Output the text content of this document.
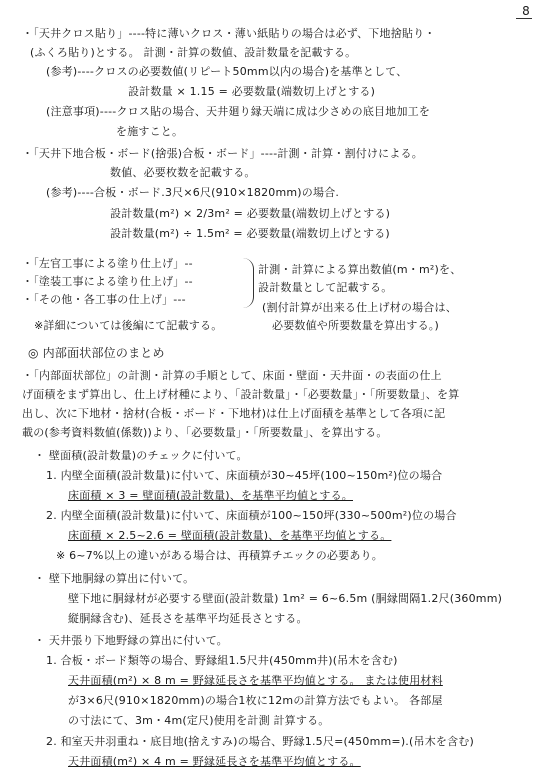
8
・「天井クロス貼り」----特に薄いクロス・薄い紙貼りの場合は必ず、下地捨貼り・
(ふくろ貼り)とする。 計測・計算の数値、設計数量を記載する。
(参考)----クロスの必要数値(リピート50mm以内の場合)を基準として、
設計数量 × 1.15 = 必要数量(端数切上げとする)
(注意事項)----クロス貼の場合、天井廻り縁天端に成は少さめの底目地加工を
を施すこと。
・「天井下地合板・ボード(捨張)合板・ボード」----計測・計算・割付けによる。
数値、必要枚数を記載する。
(参考)----合板・ボード.3尺×6尺(910×1820mm)の場合.
設計数量(m²) × 2/3m² = 必要数量(端数切上げとする)
設計数量(m²) ÷ 1.5m² = 必要数量(端数切上げとする)
・「左官工事による塗り仕上げ」--
・「塗装工事による塗り仕上げ」--
・「その他・各工事の仕上げ」---
計測・計算による算出数値(m・m²)を、
設計数量として記載する。
(割付計算が出来る仕上げ材の場合は、
※詳細については後編にて記載する。	必要数値や所要数量を算出する。)
◎ 内部面状部位のまとめ
・「内部面状部位」の計測・計算の手順として、床面・壁面・天井面・の表面の仕上
げ面積をまず算出し、仕上げ材種により、「設計数量」・「必要数量」・「所要数量」、を算
出し、次に下地材・捨材(合板・ボード・下地材)は仕上げ面積を基準として各項に記
載の(参考資料数値(係数))より、「必要数量」・「所要数量」、を算出する。
・ 壁面積(設計数量)のチェックに付いて。
1. 内壁全面積(設計数量)に付いて、床面積が30~45坪(100~150m²)位の場合
床面積 × 3 = 壁面積(設計数量)、を基準平均値とする。
2. 内壁全面積(設計数量)に付いて、床面積が100~150坪(330~500m²)位の場合
床面積 × 2.5~2.6 = 壁面積(設計数量)、を基準平均値とする。
※ 6~7%以上の違いがある場合は、再積算チエックの必要あり。
・ 壁下地胴縁の算出に付いて。
壁下地に胴縁材が必要する壁面(設計数量) 1m² = 6~6.5m (胴縁間隔1.2尺(360mm)
縦胴縁含む)、延長さを基準平均延長さとする。
・ 天井張り下地野縁の算出に付いて。
1. 合板・ボード類等の場合、野縁組1.5尺井(450mm井)(吊木を含む)
天井面積(m²) × 8 m = 野縁延長さを基準平均値とする。 または使用材料
が3×6尺(910×1820mm)の場合1枚に12mの計算方法でもよい。 各部屋
の寸法にて、3m・4m(定尺)使用を計測 計算する。
2. 和室天井羽重ね・底目地(捨えすみ)の場合、野縁1.5尺=(450mm=).(吊木を含む)
天井面積(m²) × 4 m = 野縁延長さを基準平均値とする。
